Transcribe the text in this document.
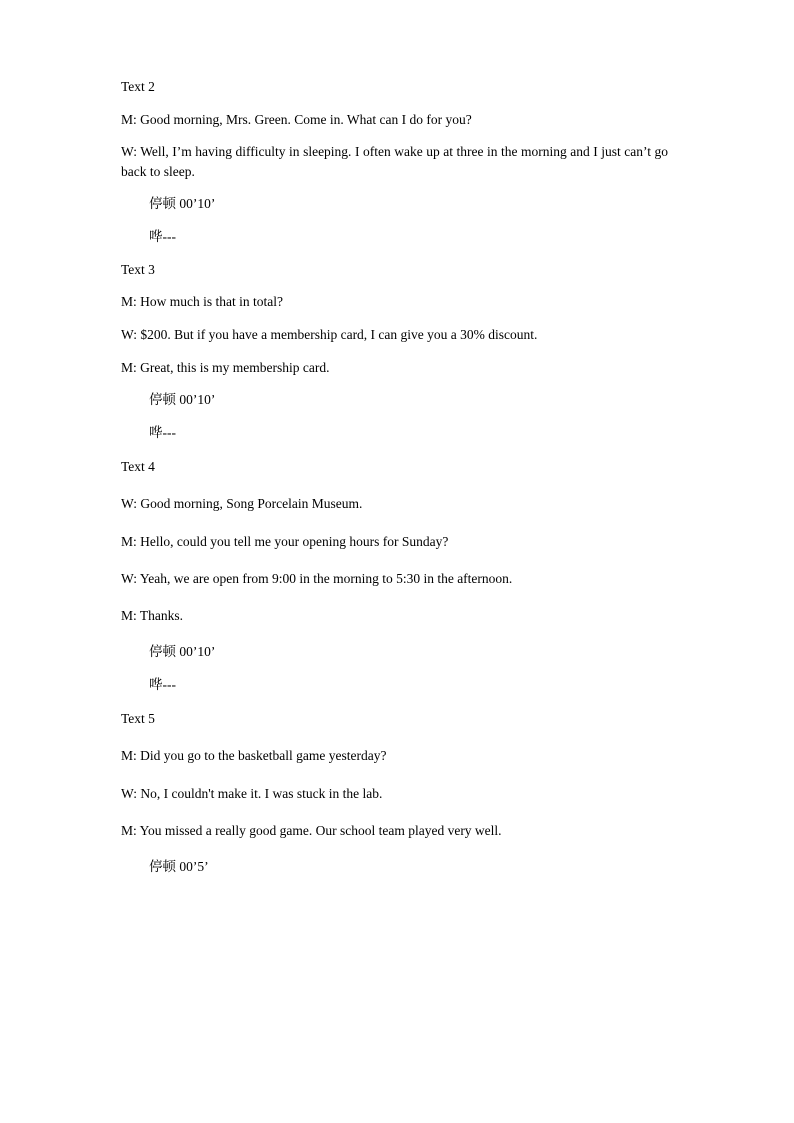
Text 2
M: Good morning, Mrs. Green. Come in. What can I do for you?
W: Well, I’m having difficulty in sleeping. I often wake up at three in the morning and I just can’t go back to sleep.
停顿 00’10’
哗---
Text 3
M: How much is that in total?
W: $200. But if you have a membership card, I can give you a 30% discount.
M: Great, this is my membership card.
停顿 00’10’
哗---
Text 4
W: Good morning, Song Porcelain Museum.
M: Hello, could you tell me your opening hours for Sunday?
W: Yeah, we are open from 9:00 in the morning to 5:30 in the afternoon.
M: Thanks.
停顿 00’10’
哗---
Text 5
M: Did you go to the basketball game yesterday?
W: No, I couldn't make it. I was stuck in the lab.
M: You missed a really good game. Our school team played very well.
停顿 00’5’
